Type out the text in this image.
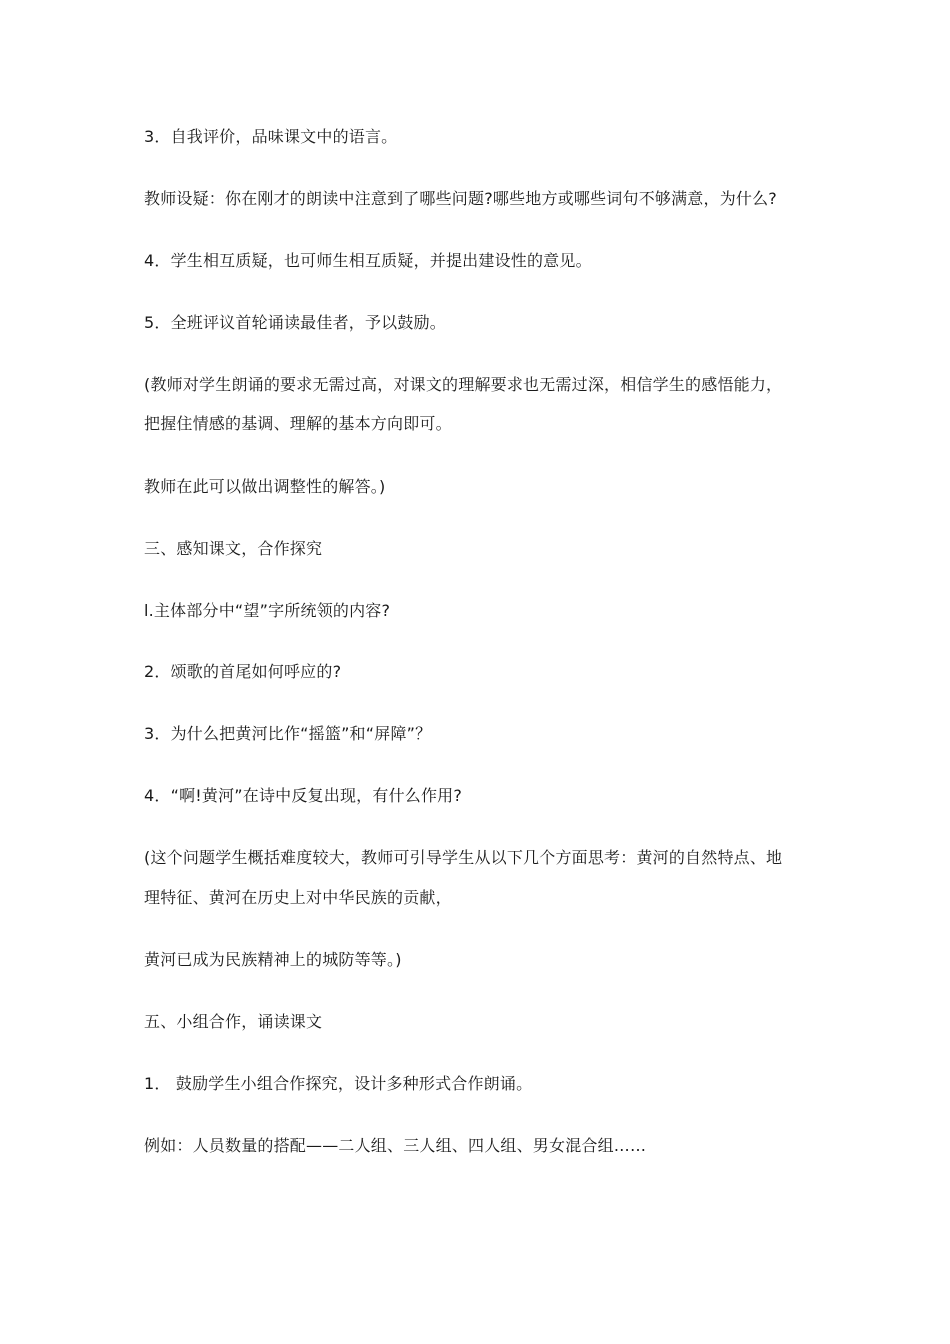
3．自我评价，品味课文中的语言。
教师设疑：你在刚才的朗读中注意到了哪些问题?哪些地方或哪些词句不够满意，为什么?
4．学生相互质疑，也可师生相互质疑，并提出建设性的意见。
5．全班评议首轮诵读最佳者，予以鼓励。
(教师对学生朗诵的要求无需过高，对课文的理解要求也无需过深，相信学生的感悟能力，
把握住情感的基调、理解的基本方向即可。
教师在此可以做出调整性的解答。)
三、感知课文，合作探究
l.主体部分中“望”字所统领的内容?
2．颂歌的首尾如何呼应的?
3．为什么把黄河比作“摇篮”和“屏障”？
4．“啊!黄河”在诗中反复出现，有什么作用?
(这个问题学生概括难度较大，教师可引导学生从以下几个方面思考：黄河的自然特点、地
理特征、黄河在历史上对中华民族的贡献，
黄河已成为民族精神上的城防等等。)
五、小组合作，诵读课文
1． 鼓励学生小组合作探究，设计多种形式合作朗诵。
例如：人员数量的搭配——二人组、三人组、四人组、男女混合组……
